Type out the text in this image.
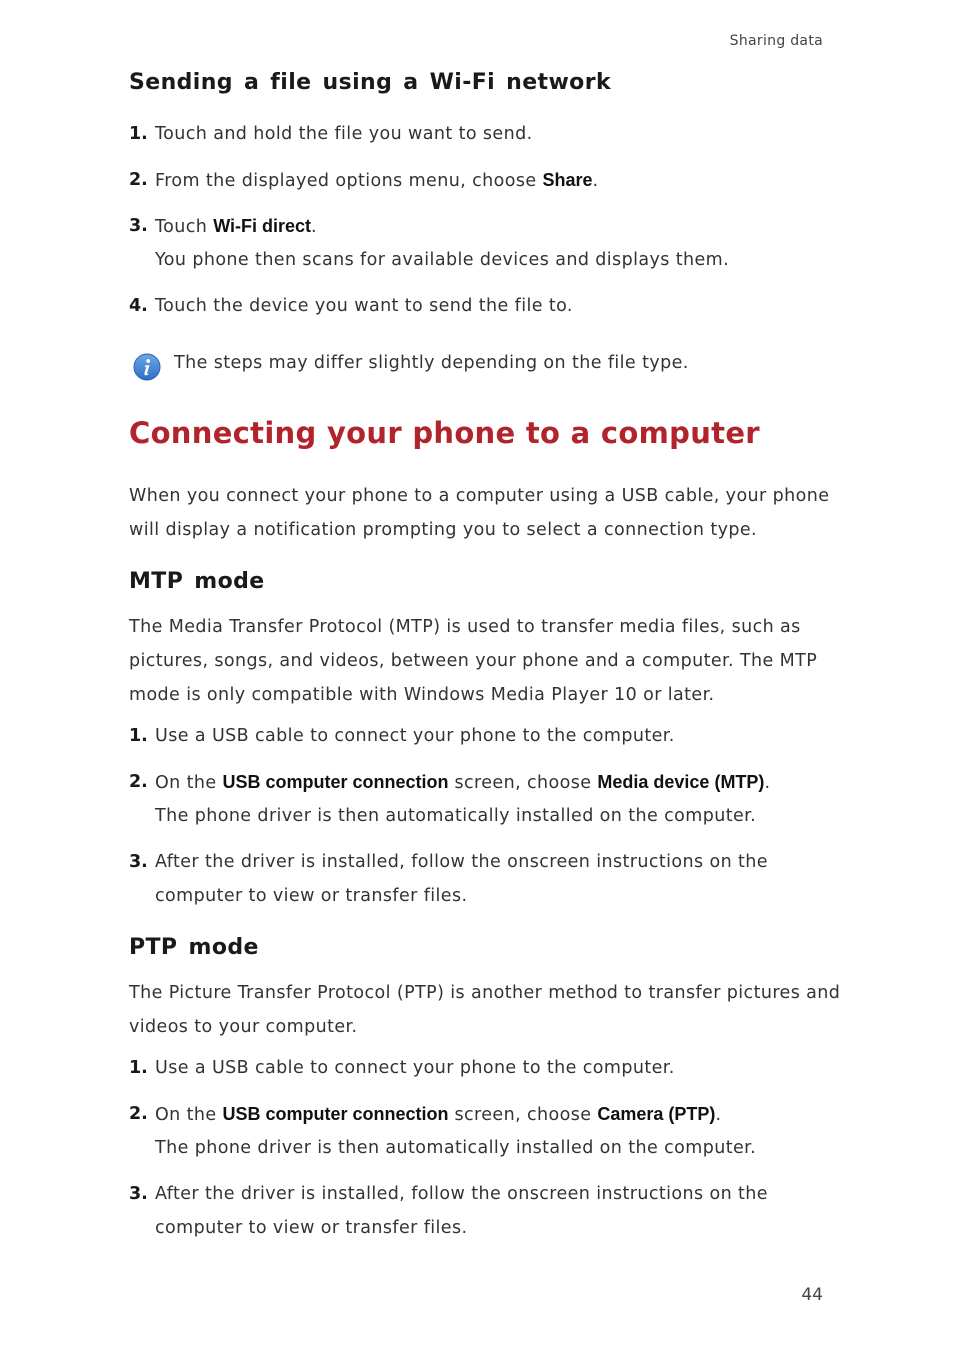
Sharing data
Sending a file using a Wi-Fi network
1. Touch and hold the file you want to send.
2. From the displayed options menu, choose Share.
3. Touch Wi-Fi direct.
You phone then scans for available devices and displays them.
4. Touch the device you want to send the file to.
The steps may differ slightly depending on the file type.
Connecting your phone to a computer
When you connect your phone to a computer using a USB cable, your phone
will display a notification prompting you to select a connection type.
MTP mode
The Media Transfer Protocol (MTP) is used to transfer media files, such as
pictures, songs, and videos, between your phone and a computer. The MTP
mode is only compatible with Windows Media Player 10 or later.
1. Use a USB cable to connect your phone to the computer.
2. On the USB computer connection screen, choose Media device (MTP).
The phone driver is then automatically installed on the computer.
3. After the driver is installed, follow the onscreen instructions on the
computer to view or transfer files.
PTP mode
The Picture Transfer Protocol (PTP) is another method to transfer pictures and
videos to your computer.
1. Use a USB cable to connect your phone to the computer.
2. On the USB computer connection screen, choose Camera (PTP).
The phone driver is then automatically installed on the computer.
3. After the driver is installed, follow the onscreen instructions on the
computer to view or transfer files.
44
